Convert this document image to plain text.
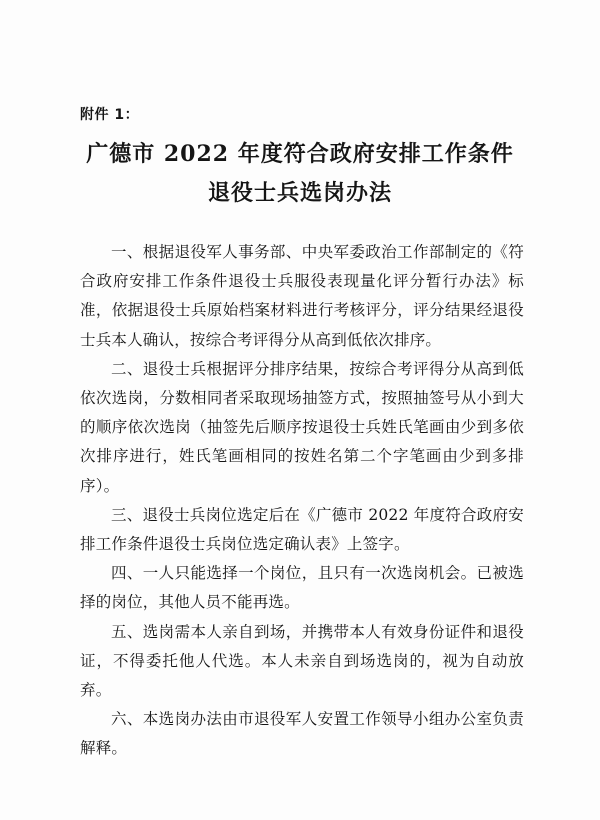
附件 1：
广德市 2022 年度符合政府安排工作条件
退役士兵选岗办法

一、根据退役军人事务部、中央军委政治工作部制定的《符合政府安排工作条件退役士兵服役表现量化评分暂行办法》标准，依据退役士兵原始档案材料进行考核评分，评分结果经退役士兵本人确认，按综合考评得分从高到低依次排序。

二、退役士兵根据评分排序结果，按综合考评得分从高到低依次选岗，分数相同者采取现场抽签方式，按照抽签号从小到大的顺序依次选岗（抽签先后顺序按退役士兵姓氏笔画由少到多依次排序进行，姓氏笔画相同的按姓名第二个字笔画由少到多排序）。

三、退役士兵岗位选定后在《广德市 2022 年度符合政府安排工作条件退役士兵岗位选定确认表》上签字。

四、一人只能选择一个岗位，且只有一次选岗机会。已被选择的岗位，其他人员不能再选。

五、选岗需本人亲自到场，并携带本人有效身份证件和退役证，不得委托他人代选。本人未亲自到场选岗的，视为自动放弃。

六、本选岗办法由市退役军人安置工作领导小组办公室负责解释。
